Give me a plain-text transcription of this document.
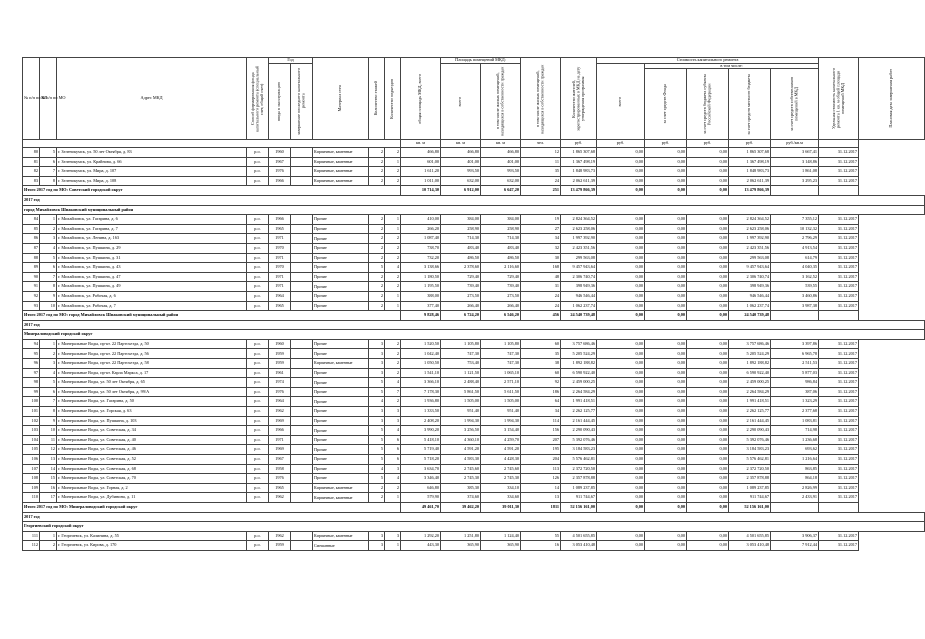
№ п/п по КП	№ п/п по МО	Адрес МКД	Способ формирования фонда капитального ремонта (специальный счет, общий счет)	Год		Материал стен	Количество этажей	Количество подъездов	общая площадь МКД, всего	Площадь помещений МКД:		в том числе жилых помещений, находящихся в собственности граждан	Количество жителей, зарегистрированных в МКД на дату утверждения программы	Стоимость капитального ремонта					Удельная стоимость капитального ремонта 1 кв. м общей площади помещений МКД	Плановая дата завершения работ

				ввода в эксплуатацию	завершение последнего капитального ремонта					всего	в том числе жилых помещений, находящихся в собственности граждан			всего	в том числе:					

															за счет средств Фонда	за счет средств бюджета субъекта Российской Федерации	за счет средств местного бюджета	за счет средств собственников помещений в МКД		

									кв. м	кв. м	кв. м	чел.	руб.	руб.	руб.	руб.	руб.	руб./кв.м		
80	5	г. Зеленокумск, ул. 50 лет Октября, д. 83	р.о.	1960		Кирпичные, каменные	2	2	466,80	466,80	466,80	12	1 865 307,68	0,00	0,00	0,00	1 865 307,68	3 667,41	31.12.2017	
81	6	г. Зеленокумск, ул. Крайнова, д. 66	р.о.	1967		Кирпичные, каменные	2	1	601,00	401,00	401,00	11	1 367 498,19	0,00	0,00	0,00	1 367 498,19	3 148,86	31.12.2017	
82	7	г. Зеленокумск, ул. Мира, д. 107	р.о.	1976		Кирпичные, каменные	2	2	1 611,20	993,50	993,50	35	1 848 983,73	0,00	0,00	0,00	1 848 983,73	1 861,08	31.12.2017	
83	8	г. Зеленокумск, ул. Мира, д. 108	р.о.	1966		Кирпичные, каменные	2	2	1 011,00	632,00	632,00	24	2 062 611,39	0,00	0,00	0,00	2 062 611,39	3 295,23	31.12.2017	
Итого 2017 год по МО: Советский городской округ									10 714,30	6 912,00	6 647,20	251	13 479 866,39	0,00	0,00	0,00	13 479 866,39			
2017 год																				
город Михайловск Шпаковский муниципальный район																				
84	1	г. Михайловск, ул. Гагарина, д. 6	р.о.	1966		Прочие	2	1	410,00	384,00	384,00	19	2 824 364,52	0,00	0,00	0,00	2 824 364,52	7 355,12	31.12.2017	
85	2	г. Михайловск, ул. Гагарина, д. 7	р.о.	1965		Прочие	2	1	266,20	258,90	258,90	27	2 623 258,06	0,00	0,00	0,00	2 623 258,06	10 132,32	31.12.2017	
86	3	г. Михайловск, ул. Ленина, д. 163	р.о.	1971		Прочие	2	2	1 087,40	714,30	714,30	34	1 997 392,90	0,00	0,00	0,00	1 997 392,90	2 796,29	31.12.2017	
87	4	г. Михайловск, ул. Пушкина, д. 29	р.о.	1970		Прочие	2	2	738,70	483,40	483,40	32	2 423 351,56	0,00	0,00	0,00	2 423 351,56	4 913,54	31.12.2017	
88	5	г. Михайловск, ул. Пушкина, д. 31	р.о.	1971		Прочие	2	2	732,20	486,50	486,50	30	299 563,08	0,00	0,00	0,00	299 563,08	614,79	31.12.2017	
89	6	г. Михайловск, ул. Пушкина, д. 43	р.о.	1970		Прочие	5	4	3 138,66	2 378,60	2 116,60	168	9 457 943,64	0,00	0,00	0,00	9 457 943,64	4 040,35	31.12.2017	
90	7	г. Михайловск, ул. Пушкина, д. 47	р.о.	1971		Прочие	2	2	1 180,50	729,40	729,40	48	2 306 740,74	0,00	0,00	0,00	2 306 740,74	3 162,52	31.12.2017	
91	8	г. Михайловск, ул. Пушкина, д. 49	р.о.	1971		Прочие	2	2	1 195,50	739,40	739,40	31	398 949,36	0,00	0,00	0,00	398 949,36	539,55	31.12.2017	
92	9	г. Михайловск, ул. Рабочая, д. 6	р.о.	1964		Прочие	2	1	388,00	273,50	273,50	24	946 546,44	0,00	0,00	0,00	946 546,44	3 460,86	31.12.2017	
93	10	г. Михайловск, ул. Рабочая, д. 7	р.о.	1965		Прочие	2	1	377,40	266,40	266,40	24	1 062 237,74	0,00	0,00	0,00	1 062 237,74	3 987,38	31.12.2017	
Итого 2017 год по МО: город Михайловск Шпаковский муниципальный район									9 828,46	6 724,20	6 546,20	456	24 540 739,48	0,00	0,00	0,00	24 540 739,48			
2017 год																				
Минераловодский городской округ																				
94	1	г. Минеральные Воды, пр-кт. 22 Партсъезда, д. 50	р.о.	1960		Прочие	3	2	1 520,50	1 105,80	1 105,80	60	3 757 686,46	0,00	0,00	0,00	3 757 686,46	3 397,86	31.12.2017	
95	2	г. Минеральные Воды, пр-кт. 22 Партсъезда, д. 56	р.о.	1959		Прочие	3	2	1 042,40	747,30	747,30	35	5 205 524,29	0,00	0,00	0,00	5 205 524,29	6 965,78	31.12.2017	
96	3	г. Минеральные Воды, пр-кт. 22 Партсъезда, д. 58	р.о.	1959		Кирпичные, каменные	3	2	1 050,50	753,40	747,30	38	1 892 188,82	0,00	0,00	0,00	1 892 188,82	2 511,53	31.12.2017	
97	4	г. Минеральные Воды, пр-кт. Карла Маркса, д. 17	р.о.	1961		Прочие	3	2	1 541,10	1 121,50	1 065,10	60	6 590 922,40	0,00	0,00	0,00	6 590 922,40	5 877,03	31.12.2017	
98	5	г. Минеральные Воды, ул. 50 лет Октября, д. 65	р.о.	1974		Прочие	5	4	3 366,10	2 488,40	2 571,10	92	2 459 000,25	0,00	0,00	0,00	2 459 000,25	986,84	31.12.2017	
99	6	г. Минеральные Воды, ул. 50 лет Октября, д. 99/А	р.о.	1976		Прочие	5	7	7 178,30	5 861,50	5 611,50	186	2 264 584,29	0,00	0,00	0,00	2 264 584,29	387,06	31.12.2017	
100	7	г. Минеральные Воды, ул. Гагарина, д. 50	р.о.	1964		Прочие	4	2	1 936,80	1 505,00	1 505,00	64	1 991 418,51	0,00	0,00	0,00	1 991 418,51	1 323,29	31.12.2017	
101	8	г. Минеральные Воды, ул. Горская, д. 63	р.о.	1962		Прочие	3	3	1 333,50	951,40	951,40	34	2 262 125,77	0,00	0,00	0,00	2 262 125,77	2 377,68	31.12.2017	
102	9	г. Минеральные Воды, ул. Пушкина, д. 103	р.о.	1969		Прочие	3	3	2 408,20	1 994,30	1 994,30	114	2 161 444,45	0,00	0,00	0,00	2 161 444,45	1 083,81	31.12.2017	
103	10	г. Минеральные Воды, ул. Советская, д. 34	р.о.	1966		Прочие	5	4	3 990,20	3 256,50	3 154,40	156	2 290 090,43	0,00	0,00	0,00	2 290 090,43	714,98	31.12.2017	
104	11	г. Минеральные Воды, ул. Советская, д. 40	р.о.	1971		Прочие	5	6	5 418,10	4 360,10	4 259,70	207	5 392 076,46	0,00	0,00	0,00	5 392 076,46	1 236,68	31.12.2017	
105	12	г. Минеральные Воды, ул. Советская, д. 46	р.о.	1969		Прочие	5	6	5 719,40	4 591,20	4 591,20	195	3 184 583,23	0,00	0,00	0,00	3 184 583,23	693,62	31.12.2017	
106	13	г. Минеральные Воды, ул. Советская, д. 52	р.о.	1967		Прочие	5	6	5 718,20	4 583,30	4 428,30	204	5 576 462,81	0,00	0,00	0,00	5 576 462,81	1 216,64	31.12.2017	
107	14	г. Минеральные Воды, ул. Советская, д. 68	р.о.	1958		Прочие	4	3	3 634,70	2 745,60	2 745,60	113	2 372 720,50	0,00	0,00	0,00	2 372 720,50	863,85	31.12.2017	
108	15	г. Минеральные Воды, ул. Советская, д. 70	р.о.	1976		Прочие	5	4	3 346,40	2 745,30	2 745,30	126	2 357 878,88	0,00	0,00	0,00	2 357 878,88	864,18	31.12.2017	
109	16	г. Минеральные Воды, ул. Горная, д. 2	р.о.	1965		Кирпичные, каменные	2	2	646,80	385,30	334,10	14	1 089 237,85	0,00	0,00	0,00	1 089 237,85	2 826,99	31.12.2017	
110	17	г. Минеральные Воды, ул. Дубинина, д. 11	р.о.	1962		Кирпичные, каменные	2	1	579,90	374,60	334,60	13	911 744,67	0,00	0,00	0,00	911 744,67	2 433,91	31.12.2017	
Итого 2017 год по МО: Минераловодский городской округ									49 461,70	39 462,20	39 011,30	1811	52 156 161,00	0,00	0,00	0,00	52 156 161,00			
2017 год																				
Георгиевский городской округ																				
111	1	г. Георгиевск, ул. Калинина, д. 55	р.о.	1962		Кирпичные, каменные	3	3	1 292,20	1 251,80	1 124,40	55	4 501 655,85	0,00	0,00	0,00	4 501 655,85	3 906,37	31.12.2017	
112	2	г. Георгиевск, ул. Кирова, д. 170	р.о.	1959		Смешанные	3	1	443,30	365,90	365,90	16	3 053 410,48	0,00	0,00	0,00	3 053 410,48	7 912,44	31.12.2017	
